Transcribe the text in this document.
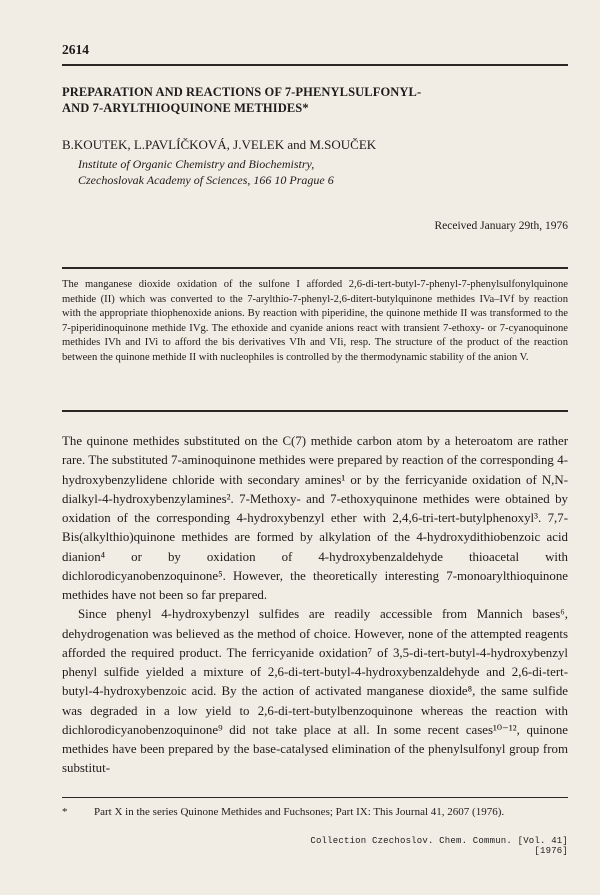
2614
PREPARATION AND REACTIONS OF 7-PHENYLSULFONYL-
AND 7-ARYLTHIOQUINONE METHIDES*
B.KOUTEK, L.PAVLÍČKOVÁ, J.VELEK and M.SOUČEK
Institute of Organic Chemistry and Biochemistry,
Czechoslovak Academy of Sciences, 166 10 Prague 6
Received January 29th, 1976
The manganese dioxide oxidation of the sulfone I afforded 2,6-di-tert-butyl-7-phenyl-7-phenylsulfonylquinone methide (II) which was converted to the 7-arylthio-7-phenyl-2,6-ditert-butylquinone methides IVa–IVf by reaction with the appropriate thiophenoxide anions. By reaction with piperidine, the quinone methide II was transformed to the 7-piperidinoquinone methide IVg. The ethoxide and cyanide anions react with transient 7-ethoxy- or 7-cyanoquinone methides IVh and IVi to afford the bis derivatives VIh and VIi, resp. The structure of the product of the reaction between the quinone methide II with nucleophiles is controlled by the thermodynamic stability of the anion V.

The quinone methides substituted on the C(7) methide carbon atom by a heteroatom are rather rare. The substituted 7-aminoquinone methides were prepared by reaction of the corresponding 4-hydroxybenzylidene chloride with secondary amines¹ or by the ferricyanide oxidation of N,N-dialkyl-4-hydroxybenzylamines². 7-Methoxy- and 7-ethoxyquinone methides were obtained by oxidation of the corresponding 4-hydroxybenzyl ether with 2,4,6-tri-tert-butylphenoxyl³. 7,7-Bis(alkylthio)quinone methides are formed by alkylation of the 4-hydroxydithiobenzoic acid dianion⁴ or by oxidation of 4-hydroxybenzaldehyde thioacetal with dichlorodicyanobenzoquinone⁵. However, the theoretically interesting 7-monoarylthioquinone methides have not been so far prepared.

Since phenyl 4-hydroxybenzyl sulfides are readily accessible from Mannich bases⁶, dehydrogenation was believed as the method of choice. However, none of the attempted reagents afforded the required product. The ferricyanide oxidation⁷ of 3,5-di-tert-butyl-4-hydroxybenzyl phenyl sulfide yielded a mixture of 2,6-di-tert-butyl-4-hydroxybenzaldehyde and 2,6-di-tert-butyl-4-hydroxybenzoic acid. By the action of activated manganese dioxide⁸, the same sulfide was degraded in a low yield to 2,6-di-tert-butylbenzoquinone whereas the reaction with dichlorodicyanobenzoquinone⁹ did not take place at all. In some recent cases¹⁰⁻¹², quinone methides have been prepared by the base-catalysed elimination of the phenylsulfonyl group from substitut-

* Part X in the series Quinone Methides and Fuchsones; Part IX: This Journal 41, 2607 (1976).
Collection Czechoslov. Chem. Commun. [Vol. 41] [1976]
